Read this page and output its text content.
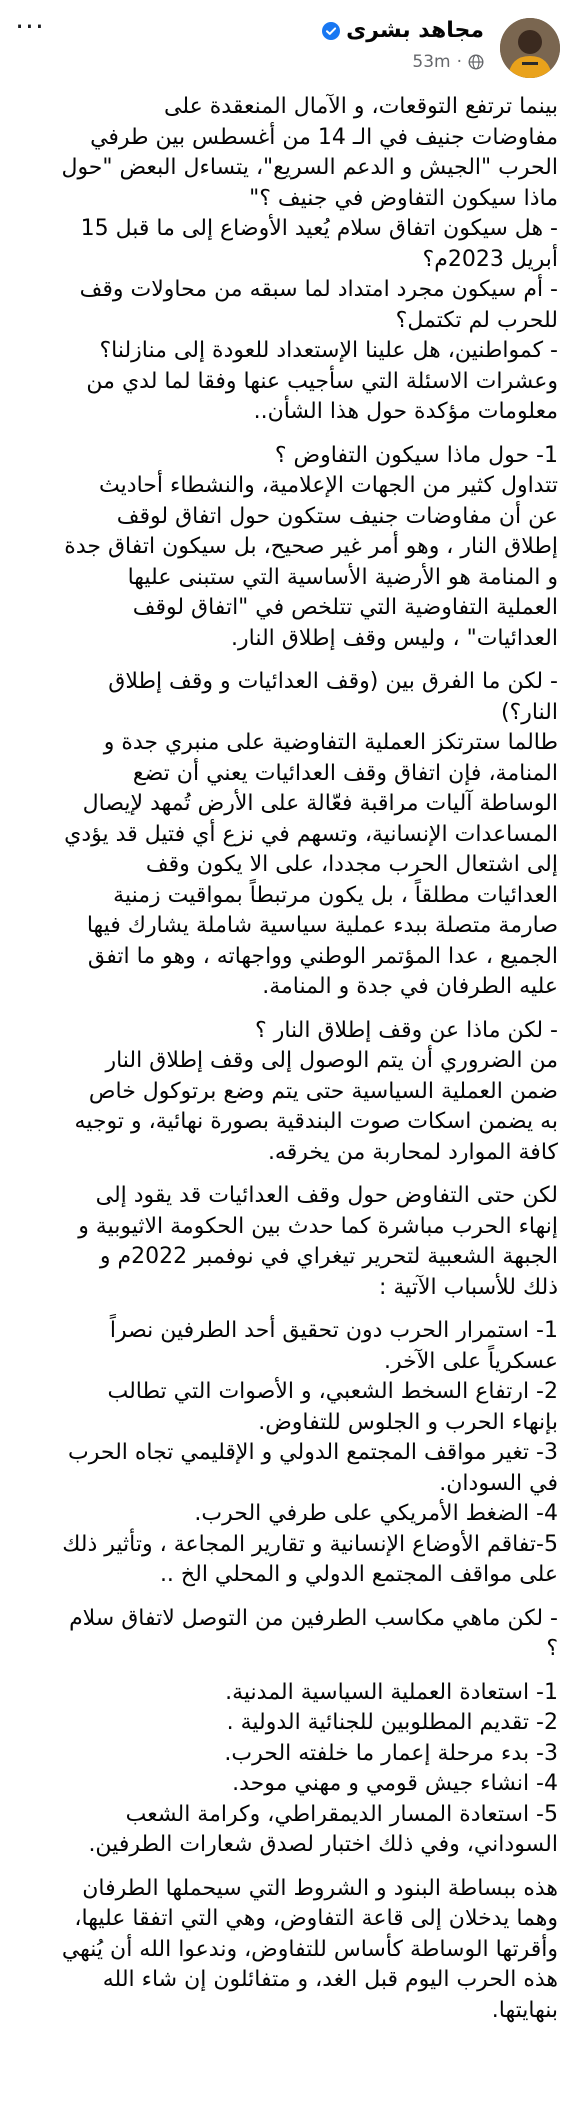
···	مجاهد بشرى
53m ·

بينما ترتفع التوقعات، و الآمال المنعقدة على
مفاوضات جنيف في الـ 14 من أغسطس بين طرفي
الحرب "الجيش و الدعم السريع"، يتساءل البعض "حول
ماذا سيكون التفاوض في جنيف ؟"
- هل سيكون اتفاق سلام يُعيد الأوضاع إلى ما قبل 15
أبريل 2023م؟
- أم سيكون مجرد امتداد لما سبقه من محاولات وقف
للحرب لم تكتمل؟
- كمواطنين، هل علينا الإستعداد للعودة إلى منازلنا؟
وعشرات الاسئلة التي سأجيب عنها وفقا لما لدي من
معلومات مؤكدة حول هذا الشأن..

1- حول ماذا سيكون التفاوض ؟
تتداول كثير من الجهات الإعلامية، والنشطاء أحاديث
عن أن مفاوضات جنيف ستكون حول اتفاق لوقف
إطلاق النار ، وهو أمر غير صحيح، بل سيكون اتفاق جدة
و المنامة هو الأرضية الأساسية التي ستبنى عليها
العملية التفاوضية التي تتلخص في "اتفاق لوقف
العدائيات" ، وليس وقف إطلاق النار.

- لكن ما الفرق بين (وقف العدائيات و وقف إطلاق
النار؟)
طالما سترتكز العملية التفاوضية على منبري جدة و
المنامة، فإن اتفاق وقف العدائيات يعني أن تضع
الوساطة آليات مراقبة فعّالة على الأرض تُمهد لإيصال
المساعدات الإنسانية، وتسهم في نزع أي فتيل قد يؤدي
إلى اشتعال الحرب مجددا، على الا يكون وقف
العدائيات مطلقاً ، بل يكون مرتبطاً بمواقيت زمنية
صارمة متصلة ببدء عملية سياسية شاملة يشارك فيها
الجميع ، عدا المؤتمر الوطني وواجهاته ، وهو ما اتفق
عليه الطرفان في جدة و المنامة.

- لكن ماذا عن وقف إطلاق النار ؟
من الضروري أن يتم الوصول إلى وقف إطلاق النار
ضمن العملية السياسية حتى يتم وضع برتوكول خاص
به يضمن اسكات صوت البندقية بصورة نهائية، و توجيه
كافة الموارد لمحاربة من يخرقه.

لكن حتى التفاوض حول وقف العدائيات قد يقود إلى
إنهاء الحرب مباشرة كما حدث بين الحكومة الاثيوبية و
الجبهة الشعبية لتحرير تيغراي في نوفمبر 2022م و
ذلك للأسباب الآتية :

1- استمرار الحرب دون تحقيق أحد الطرفين نصراً
عسكرياً على الآخر.
2- ارتفاع السخط الشعبي، و الأصوات التي تطالب
بإنهاء الحرب و الجلوس للتفاوض.
3- تغير مواقف المجتمع الدولي و الإقليمي تجاه الحرب
في السودان.
4- الضغط الأمريكي على طرفي الحرب.
5-تفاقم الأوضاع الإنسانية و تقارير المجاعة ، وتأثير ذلك
على مواقف المجتمع الدولي و المحلي الخ ..

- لكن ماهي مكاسب الطرفين من التوصل لاتفاق سلام
؟

1- استعادة العملية السياسية المدنية.
2- تقديم المطلوبين للجنائية الدولية .
3- بدء مرحلة إعمار ما خلفته الحرب.
4- انشاء جيش قومي و مهني موحد.
5- استعادة المسار الديمقراطي، وكرامة الشعب
السوداني، وفي ذلك اختبار لصدق شعارات الطرفين.

هذه ببساطة البنود و الشروط التي سيحملها الطرفان
وهما يدخلان إلى قاعة التفاوض، وهي التي اتفقا عليها،
وأقرتها الوساطة كأساس للتفاوض، وندعوا الله أن يُنهي
هذه الحرب اليوم قبل الغد، و متفائلون إن شاء الله
بنهايتها.
